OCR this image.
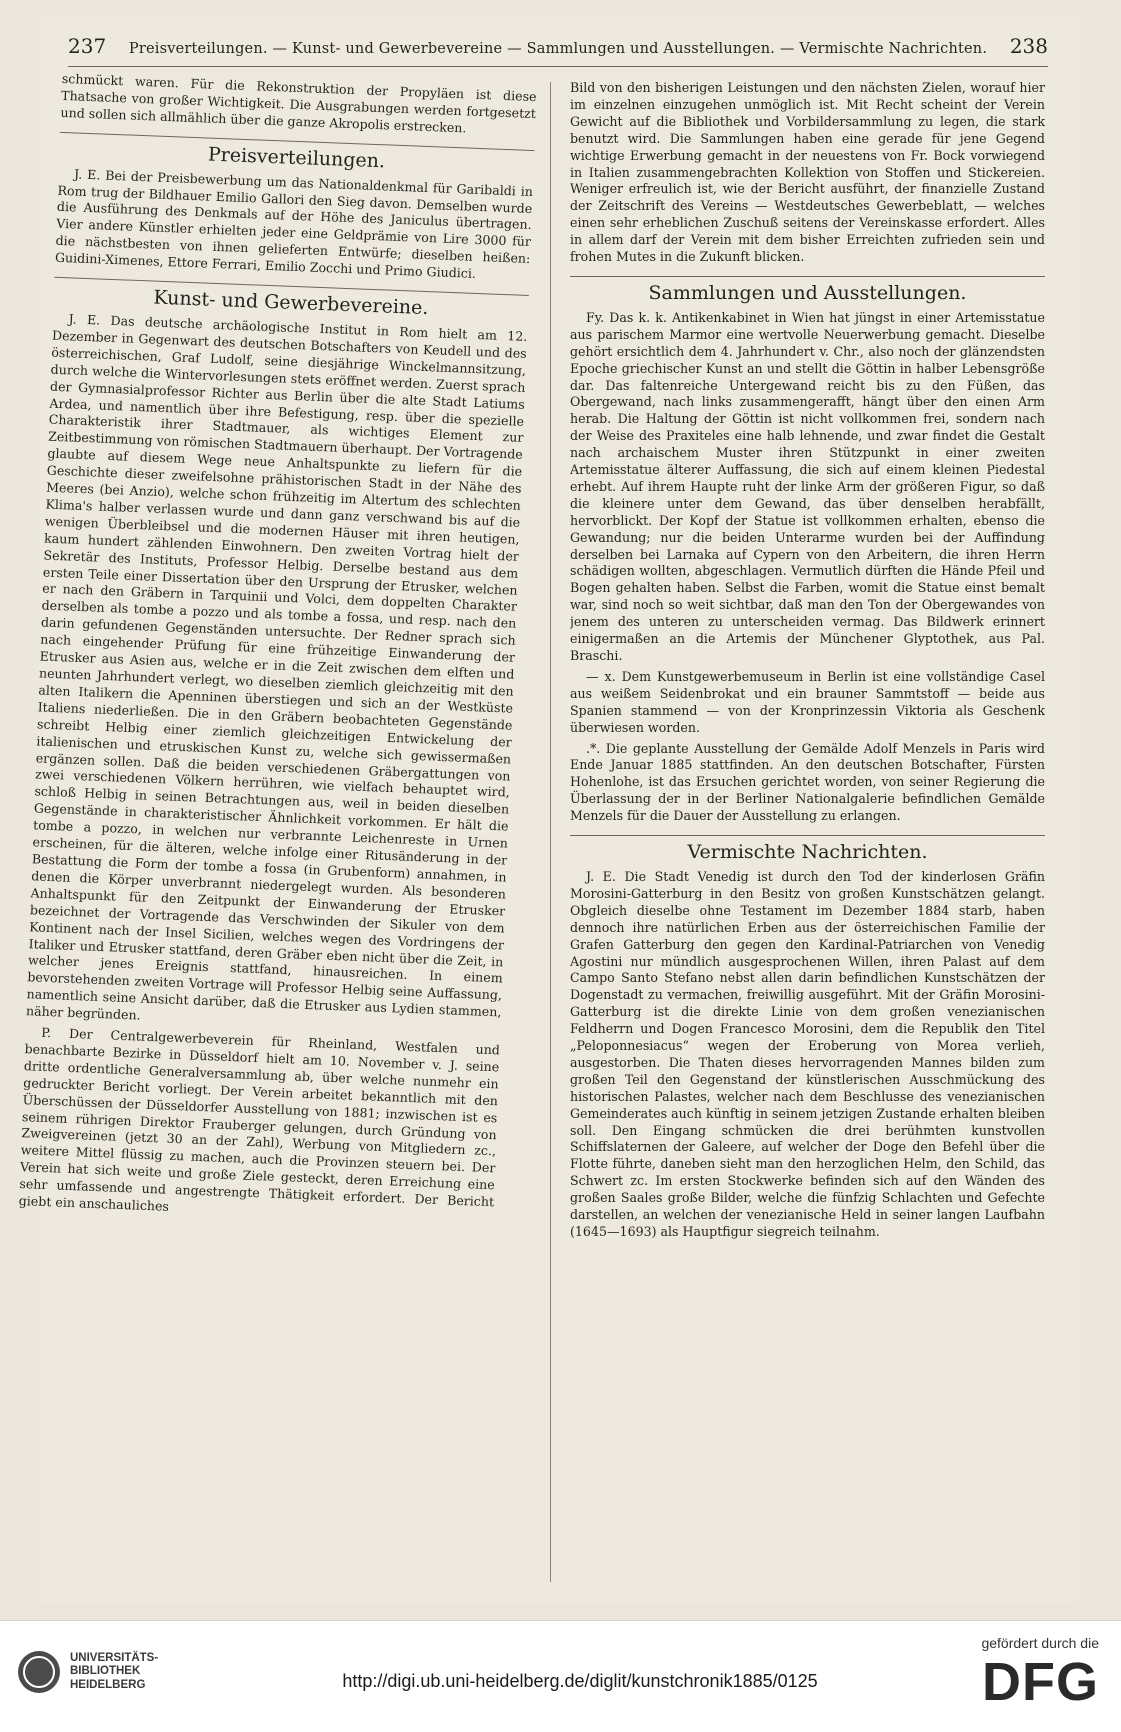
237 Preisverteilungen. — Kunst- und Gewerbevereine — Sammlungen und Ausstellungen. — Vermischte Nachrichten. 238

schmückt waren. Für die Rekonstruktion der Propyläen ist diese Thatsache von großer Wichtigkeit. Die Ausgrabungen werden fortgesetzt und sollen sich allmählich über die ganze Akropolis erstrecken.

Preisverteilungen.

J. E. Bei der Preisbewerbung um das Nationaldenkmal für Garibaldi in Rom trug der Bildhauer Emilio Gallori den Sieg davon. Demselben wurde die Ausführung des Denkmals auf der Höhe des Janiculus übertragen. Vier andere Künstler erhielten jeder eine Geldprämie von Lire 3000 für die nächstbesten von ihnen gelieferten Entwürfe; dieselben heißen: Guidini-Ximenes, Ettore Ferrari, Emilio Zocchi und Primo Giudici.

Kunst- und Gewerbevereine.

J. E. Das deutsche archäologische Institut in Rom hielt am 12. Dezember in Gegenwart des deutschen Botschafters von Keudell und des österreichischen, Graf Ludolf, seine diesjährige Winckelmannsitzung, durch welche die Wintervorlesungen stets eröffnet werden. Zuerst sprach der Gymnasialprofessor Richter aus Berlin über die alte Stadt Latiums Ardea, und namentlich über ihre Befestigung, resp. über die spezielle Charakteristik ihrer Stadtmauer, als wichtiges Element zur Zeitbestimmung von römischen Stadtmauern überhaupt. Der Vortragende glaubte auf diesem Wege neue Anhaltspunkte zu liefern für die Geschichte dieser zweifelsohne prähistorischen Stadt in der Nähe des Meeres (bei Anzio), welche schon frühzeitig im Altertum des schlechten Klima's halber verlassen wurde und dann ganz verschwand bis auf die wenigen Überbleibsel und die modernen Häuser mit ihren heutigen, kaum hundert zählenden Einwohnern. Den zweiten Vortrag hielt der Sekretär des Instituts, Professor Helbig. Derselbe bestand aus dem ersten Teile einer Dissertation über den Ursprung der Etrusker, welchen er nach den Gräbern in Tarquinii und Volci, dem doppelten Charakter derselben als tombe a pozzo und als tombe a fossa, und resp. nach den darin gefundenen Gegenständen untersuchte. Der Redner sprach sich nach eingehender Prüfung für eine frühzeitige Einwanderung der Etrusker aus Asien aus, welche er in die Zeit zwischen dem elften und neunten Jahrhundert verlegt, wo dieselben ziemlich gleichzeitig mit den alten Italikern die Apenninen überstiegen und sich an der Westküste Italiens niederließen. Die in den Gräbern beobachteten Gegenstände schreibt Helbig einer ziemlich gleichzeitigen Entwickelung der italienischen und etruskischen Kunst zu, welche sich gewissermaßen ergänzen sollen. Daß die beiden verschiedenen Gräbergattungen von zwei verschiedenen Völkern herrühren, wie vielfach behauptet wird, schloß Helbig in seinen Betrachtungen aus, weil in beiden dieselben Gegenstände in charakteristischer Ähnlichkeit vorkommen. Er hält die tombe a pozzo, in welchen nur verbrannte Leichenreste in Urnen erscheinen, für die älteren, welche infolge einer Ritusänderung in der Bestattung die Form der tombe a fossa (in Grubenform) annahmen, in denen die Körper unverbrannt niedergelegt wurden. Als besonderen Anhaltspunkt für den Zeitpunkt der Einwanderung der Etrusker bezeichnet der Vortragende das Verschwinden der Sikuler von dem Kontinent nach der Insel Sicilien, welches wegen des Vordringens der Italiker und Etrusker stattfand, deren Gräber eben nicht über die Zeit, in welcher jenes Ereignis stattfand, hinausreichen. In einem bevorstehenden zweiten Vortrage will Professor Helbig seine Auffassung, namentlich seine Ansicht darüber, daß die Etrusker aus Lydien stammen, näher begründen.

P. Der Centralgewerbeverein für Rheinland, Westfalen und benachbarte Bezirke in Düsseldorf hielt am 10. November v. J. seine dritte ordentliche Generalversammlung ab, über welche nunmehr ein gedruckter Bericht vorliegt. Der Verein arbeitet bekanntlich mit den Überschüssen der Düsseldorfer Ausstellung von 1881; inzwischen ist es seinem rührigen Direktor Frauberger gelungen, durch Gründung von Zweigvereinen (jetzt 30 an der Zahl), Werbung von Mitgliedern zc., weitere Mittel flüssig zu machen, auch die Provinzen steuern bei. Der Verein hat sich weite und große Ziele gesteckt, deren Erreichung eine sehr umfassende und angestrengte Thätigkeit erfordert. Der Bericht giebt ein anschauliches

Bild von den bisherigen Leistungen und den nächsten Zielen, worauf hier im einzelnen einzugehen unmöglich ist. Mit Recht scheint der Verein Gewicht auf die Bibliothek und Vorbildersammlung zu legen, die stark benutzt wird. Die Sammlungen haben eine gerade für jene Gegend wichtige Erwerbung gemacht in der neuestens von Fr. Bock vorwiegend in Italien zusammengebrachten Kollektion von Stoffen und Stickereien. Weniger erfreulich ist, wie der Bericht ausführt, der finanzielle Zustand der Zeitschrift des Vereins — Westdeutsches Gewerbeblatt, — welches einen sehr erheblichen Zuschuß seitens der Vereinskasse erfordert. Alles in allem darf der Verein mit dem bisher Erreichten zufrieden sein und frohen Mutes in die Zukunft blicken.

Sammlungen und Ausstellungen.

Fy. Das k. k. Antikenkabinet in Wien hat jüngst in einer Artemisstatue aus parischem Marmor eine wertvolle Neuerwerbung gemacht. Dieselbe gehört ersichtlich dem 4. Jahrhundert v. Chr., also noch der glänzendsten Epoche griechischer Kunst an und stellt die Göttin in halber Lebensgröße dar. Das faltenreiche Untergewand reicht bis zu den Füßen, das Obergewand, nach links zusammengerafft, hängt über den einen Arm herab. Die Haltung der Göttin ist nicht vollkommen frei, sondern nach der Weise des Praxiteles eine halb lehnende, und zwar findet die Gestalt nach archaischem Muster ihren Stützpunkt in einer zweiten Artemisstatue älterer Auffassung, die sich auf einem kleinen Piedestal erhebt. Auf ihrem Haupte ruht der linke Arm der größeren Figur, so daß die kleinere unter dem Gewand, das über denselben herabfällt, hervorblickt. Der Kopf der Statue ist vollkommen erhalten, ebenso die Gewandung; nur die beiden Unterarme wurden bei der Auffindung derselben bei Larnaka auf Cypern von den Arbeitern, die ihren Herrn schädigen wollten, abgeschlagen. Vermutlich dürften die Hände Pfeil und Bogen gehalten haben. Selbst die Farben, womit die Statue einst bemalt war, sind noch so weit sichtbar, daß man den Ton der Obergewandes von jenem des unteren zu unterscheiden vermag. Das Bildwerk erinnert einigermaßen an die Artemis der Münchener Glyptothek, aus Pal. Braschi.

— x. Dem Kunstgewerbemuseum in Berlin ist eine vollständige Casel aus weißem Seidenbrokat und ein brauner Sammtstoff — beide aus Spanien stammend — von der Kronprinzessin Viktoria als Geschenk überwiesen worden.

.*. Die geplante Ausstellung der Gemälde Adolf Menzels in Paris wird Ende Januar 1885 stattfinden. An den deutschen Botschafter, Fürsten Hohenlohe, ist das Ersuchen gerichtet worden, von seiner Regierung die Überlassung der in der Berliner Nationalgalerie befindlichen Gemälde Menzels für die Dauer der Ausstellung zu erlangen.

Vermischte Nachrichten.

J. E. Die Stadt Venedig ist durch den Tod der kinderlosen Gräfin Morosini-Gatterburg in den Besitz von großen Kunstschätzen gelangt. Obgleich dieselbe ohne Testament im Dezember 1884 starb, haben dennoch ihre natürlichen Erben aus der österreichischen Familie der Grafen Gatterburg den gegen den Kardinal-Patriarchen von Venedig Agostini nur mündlich ausgesprochenen Willen, ihren Palast auf dem Campo Santo Stefano nebst allen darin befindlichen Kunstschätzen der Dogenstadt zu vermachen, freiwillig ausgeführt. Mit der Gräfin Morosini-Gatterburg ist die direkte Linie von dem großen venezianischen Feldherrn und Dogen Francesco Morosini, dem die Republik den Titel „Peloponnesiacus“ wegen der Eroberung von Morea verlieh, ausgestorben. Die Thaten dieses hervorragenden Mannes bilden zum großen Teil den Gegenstand der künstlerischen Ausschmückung des historischen Palastes, welcher nach dem Beschlusse des venezianischen Gemeinderates auch künftig in seinem jetzigen Zustande erhalten bleiben soll. Den Eingang schmücken die drei berühmten kunstvollen Schiffslaternen der Galeere, auf welcher der Doge den Befehl über die Flotte führte, daneben sieht man den herzoglichen Helm, den Schild, das Schwert zc. Im ersten Stockwerke befinden sich auf den Wänden des großen Saales große Bilder, welche die fünfzig Schlachten und Gefechte darstellen, an welchen der venezianische Held in seiner langen Laufbahn (1645—1693) als Hauptfigur siegreich teilnahm.

UNIVERSITÄTS-
BIBLIOTHEK
HEIDELBERG	http://digi.ub.uni-heidelberg.de/diglit/kunstchronik1885/0125
gefördert durch die
DFG
